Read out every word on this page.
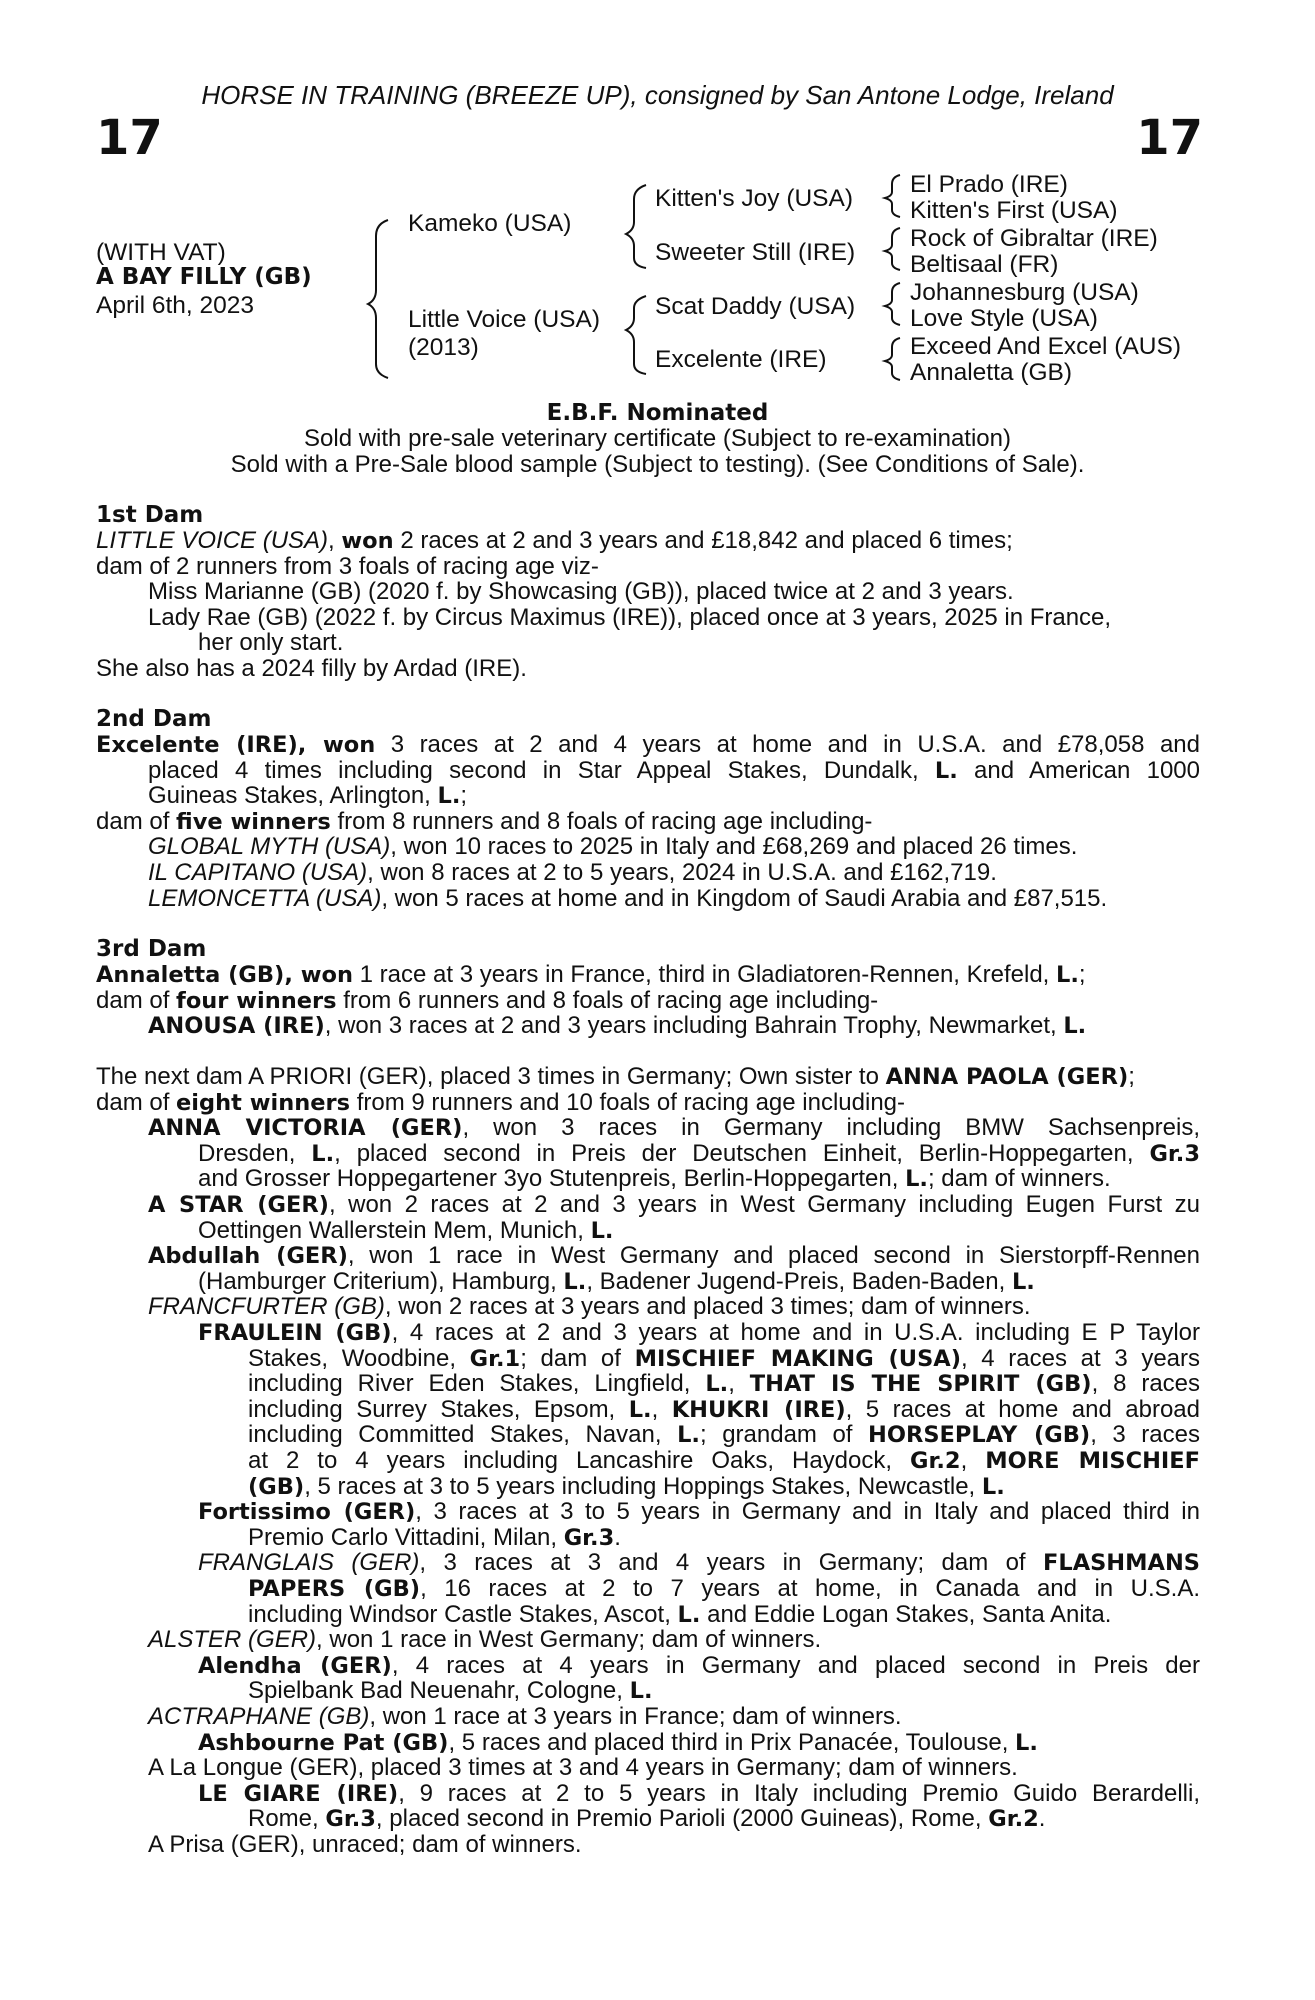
HORSE IN TRAINING (BREEZE UP), consigned by San Antone Lodge, Ireland
17	17
(WITH VAT)
A BAY FILLY (GB)
April 6th, 2023
Kameko (USA)
Little Voice (USA)
(2013)
Kitten's Joy (USA)
Sweeter Still (IRE)
Scat Daddy (USA)
Excelente (IRE)
El Prado (IRE)
Kitten's First (USA)
Rock of Gibraltar (IRE)
Beltisaal (FR)
Johannesburg (USA)
Love Style (USA)
Exceed And Excel (AUS)
Annaletta (GB)
E.B.F. Nominated
Sold with pre-sale veterinary certificate (Subject to re-examination)
Sold with a Pre-Sale blood sample (Subject to testing). (See Conditions of Sale).
1st Dam
LITTLE VOICE (USA), won 2 races at 2 and 3 years and £18,842 and placed 6 times;
dam of 2 runners from 3 foals of racing age viz-
Miss Marianne (GB) (2020 f. by Showcasing (GB)), placed twice at 2 and 3 years.
Lady Rae (GB) (2022 f. by Circus Maximus (IRE)), placed once at 3 years, 2025 in France,
her only start.
She also has a 2024 filly by Ardad (IRE).
2nd Dam
Excelente (IRE), won 3 races at 2 and 4 years at home and in U.S.A. and £78,058 and
placed 4 times including second in Star Appeal Stakes, Dundalk, L. and American 1000
Guineas Stakes, Arlington, L.;
dam of five winners from 8 runners and 8 foals of racing age including-
GLOBAL MYTH (USA), won 10 races to 2025 in Italy and £68,269 and placed 26 times.
IL CAPITANO (USA), won 8 races at 2 to 5 years, 2024 in U.S.A. and £162,719.
LEMONCETTA (USA), won 5 races at home and in Kingdom of Saudi Arabia and £87,515.
3rd Dam
Annaletta (GB), won 1 race at 3 years in France, third in Gladiatoren-Rennen, Krefeld, L.;
dam of four winners from 6 runners and 8 foals of racing age including-
ANOUSA (IRE), won 3 races at 2 and 3 years including Bahrain Trophy, Newmarket, L.
The next dam A PRIORI (GER), placed 3 times in Germany; Own sister to ANNA PAOLA (GER);
dam of eight winners from 9 runners and 10 foals of racing age including-
ANNA VICTORIA (GER), won 3 races in Germany including BMW Sachsenpreis,
Dresden, L., placed second in Preis der Deutschen Einheit, Berlin-Hoppegarten, Gr.3
and Grosser Hoppegartener 3yo Stutenpreis, Berlin-Hoppegarten, L.; dam of winners.
A STAR (GER), won 2 races at 2 and 3 years in West Germany including Eugen Furst zu
Oettingen Wallerstein Mem, Munich, L.
Abdullah (GER), won 1 race in West Germany and placed second in Sierstorpff-Rennen
(Hamburger Criterium), Hamburg, L., Badener Jugend-Preis, Baden-Baden, L.
FRANCFURTER (GB), won 2 races at 3 years and placed 3 times; dam of winners.
FRAULEIN (GB), 4 races at 2 and 3 years at home and in U.S.A. including E P Taylor
Stakes, Woodbine, Gr.1; dam of MISCHIEF MAKING (USA), 4 races at 3 years
including River Eden Stakes, Lingfield, L., THAT IS THE SPIRIT (GB), 8 races
including Surrey Stakes, Epsom, L., KHUKRI (IRE), 5 races at home and abroad
including Committed Stakes, Navan, L.; grandam of HORSEPLAY (GB), 3 races
at 2 to 4 years including Lancashire Oaks, Haydock, Gr.2, MORE MISCHIEF
(GB), 5 races at 3 to 5 years including Hoppings Stakes, Newcastle, L.
Fortissimo (GER), 3 races at 3 to 5 years in Germany and in Italy and placed third in
Premio Carlo Vittadini, Milan, Gr.3.
FRANGLAIS (GER), 3 races at 3 and 4 years in Germany; dam of FLASHMANS
PAPERS (GB), 16 races at 2 to 7 years at home, in Canada and in U.S.A.
including Windsor Castle Stakes, Ascot, L. and Eddie Logan Stakes, Santa Anita.
ALSTER (GER), won 1 race in West Germany; dam of winners.
Alendha (GER), 4 races at 4 years in Germany and placed second in Preis der
Spielbank Bad Neuenahr, Cologne, L.
ACTRAPHANE (GB), won 1 race at 3 years in France; dam of winners.
Ashbourne Pat (GB), 5 races and placed third in Prix Panacée, Toulouse, L.
A La Longue (GER), placed 3 times at 3 and 4 years in Germany; dam of winners.
LE GIARE (IRE), 9 races at 2 to 5 years in Italy including Premio Guido Berardelli,
Rome, Gr.3, placed second in Premio Parioli (2000 Guineas), Rome, Gr.2.
A Prisa (GER), unraced; dam of winners.
